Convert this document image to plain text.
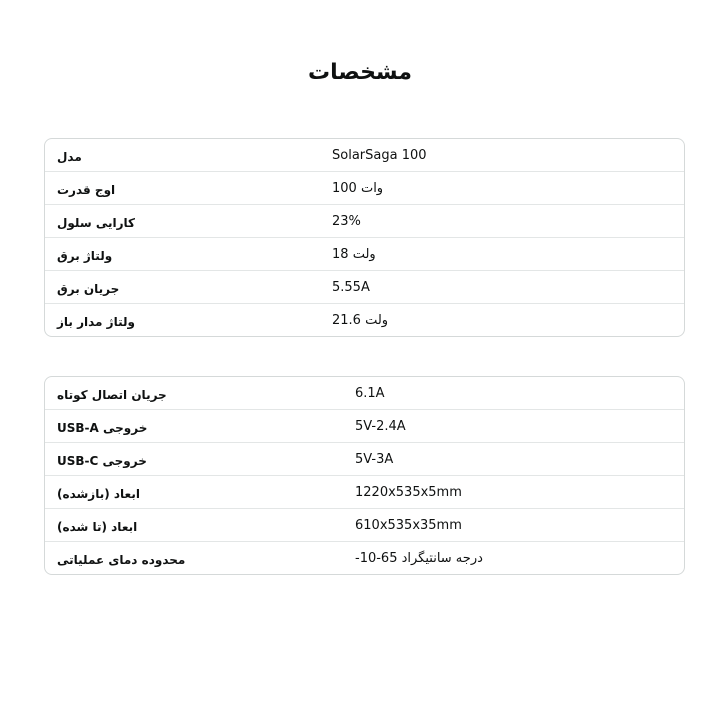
مشخصات
مدل	SolarSaga 100
اوج قدرت	100 وات
کارایی سلول	23%
ولتاژ برق	18 ولت
جریان برق	5.55A
ولتاژ مدار باز	21.6 ولت
جریان اتصال کوتاه	6.1A
USB-A خروجی	5V-2.4A
USB-C خروجی	5V-3A
ابعاد (بازشده)	1220x535x5mm
ابعاد (تا شده)	610x535x35mm
محدوده دمای عملیاتی	-10-65 درجه سانتیگراد
